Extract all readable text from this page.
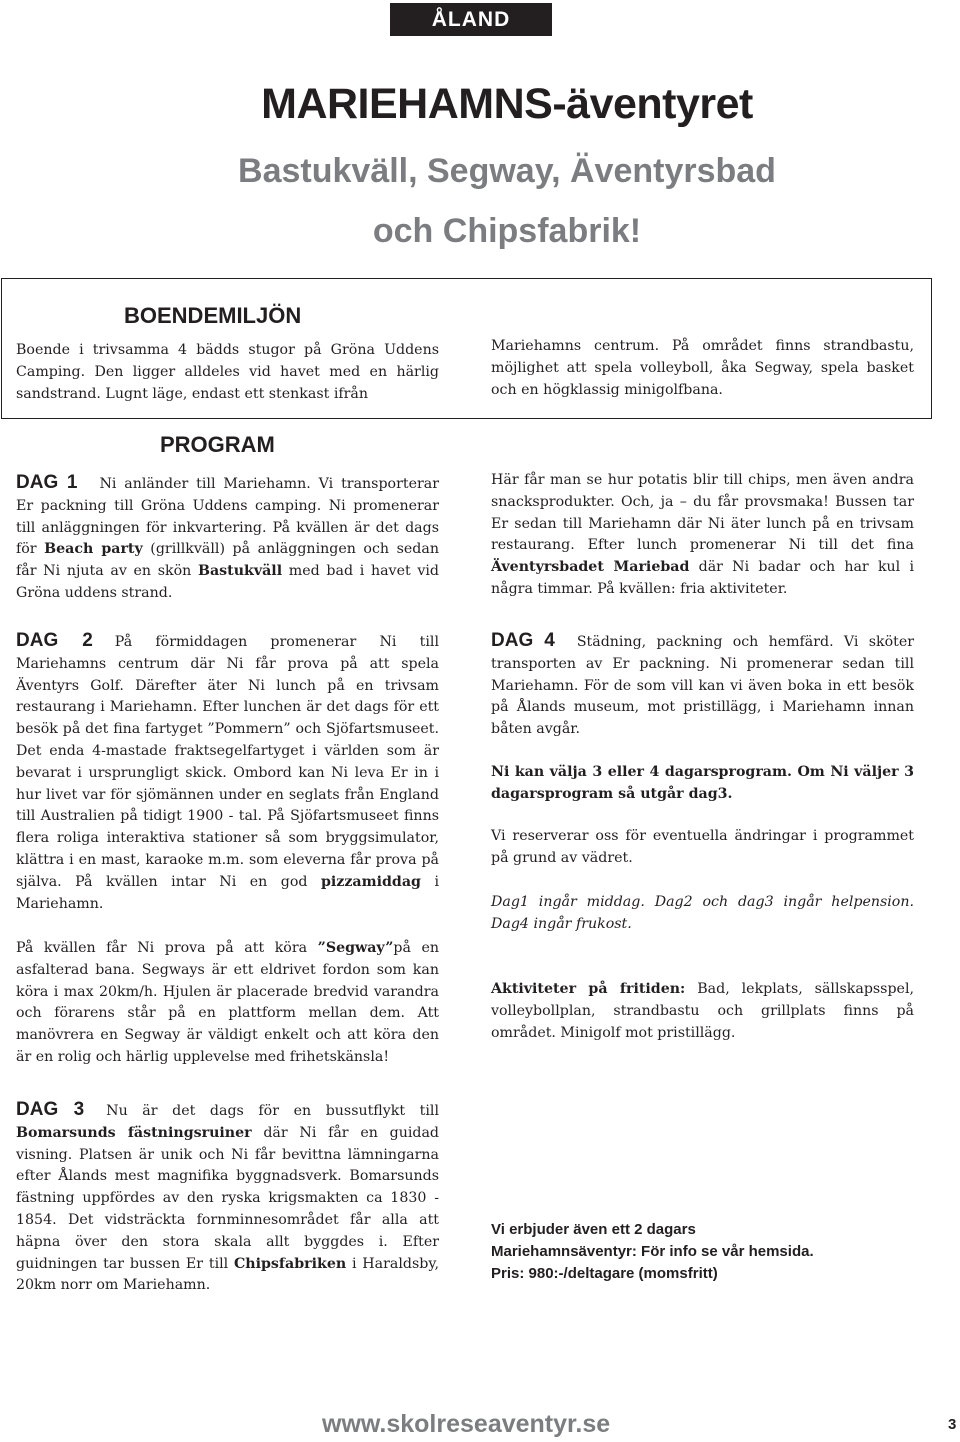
ÅLAND
MARIEHAMNS-äventyret
Bastukväll, Segway, Äventyrsbad
och Chipsfabrik!
BOENDEMILJÖN

Boende i trivsamma 4 bädds stugor på Gröna Uddens Camping. Den ligger alldeles vid havet med en härlig sandstrand. Lugnt läge, endast ett stenkast ifrån

Mariehamns centrum. På området finns strandbastu, möjlighet att spela volleyboll, åka Segway, spela basket och en högklassig minigolfbana.

PROGRAM

DAG 1 Ni anländer till Mariehamn. Vi transporterar Er packning till Gröna Uddens camping. Ni promenerar till anläggningen för inkvartering. På kvällen är det dags för Beach party (grillkväll) på anläggningen och sedan får Ni njuta av en skön Bastukväll med bad i havet vid Gröna uddens strand.

DAG 2 På förmiddagen promenerar Ni till Mariehamns centrum där Ni får prova på att spela Äventyrs Golf. Därefter äter Ni lunch på en trivsam restaurang i Mariehamn. Efter lunchen är det dags för ett besök på det fina fartyget ”Pommern” och Sjöfartsmuseet. Det enda 4-mastade fraktsegelfartyget i världen som är bevarat i ursprungligt skick. Ombord kan Ni leva Er in i hur livet var för sjömännen under en seglats från England till Australien på tidigt 1900 - tal. På Sjöfartsmuseet finns flera roliga interaktiva stationer så som bryggsimulator, klättra i en mast, karaoke m.m. som eleverna får prova på själva. På kvällen intar Ni en god pizzamiddag i Mariehamn.

På kvällen får Ni prova på att köra ”Segway”på en asfalterad bana. Segways är ett eldrivet fordon som kan köra i max 20km/h. Hjulen är placerade bredvid varandra och förarens står på en plattform mellan dem. Att manövrera en Segway är väldigt enkelt och att köra den är en rolig och härlig upplevelse med frihetskänsla!

DAG 3 Nu är det dags för en bussutflykt till Bomarsunds fästningsruiner där Ni får en guidad visning. Platsen är unik och Ni får bevittna lämningarna efter Ålands mest magnifika byggnadsverk. Bomarsunds fästning uppfördes av den ryska krigsmakten ca 1830 - 1854. Det vidsträckta fornminnesområdet får alla att häpna över den stora skala allt byggdes i. Efter guidningen tar bussen Er till Chipsfabriken i Haraldsby, 20km norr om Mariehamn.

Här får man se hur potatis blir till chips, men även andra snacksprodukter. Och, ja – du får provsmaka! Bussen tar Er sedan till Mariehamn där Ni äter lunch på en trivsam restaurang. Efter lunch promenerar Ni till det fina Äventyrsbadet Mariebad där Ni badar och har kul i några timmar. På kvällen: fria aktiviteter.

DAG 4 Städning, packning och hemfärd. Vi sköter transporten av Er packning. Ni promenerar sedan till Mariehamn. För de som vill kan vi även boka in ett besök på Ålands museum, mot pristillägg, i Mariehamn innan båten avgår.

Ni kan välja 3 eller 4 dagarsprogram. Om Ni väljer 3 dagarsprogram så utgår dag3.

Vi reserverar oss för eventuella ändringar i programmet på grund av vädret.

Dag1 ingår middag. Dag2 och dag3 ingår helpension. Dag4 ingår frukost.

Aktiviteter på fritiden: Bad, lekplats, sällskapsspel, volleybollplan, strandbastu och grillplats finns på området. Minigolf mot pristillägg.

Vi erbjuder även ett 2 dagars
Mariehamnsäventyr: För info se vår hemsida.
Pris: 980:-/deltagare (momsfritt)
www.skolreseaventyr.se	3
